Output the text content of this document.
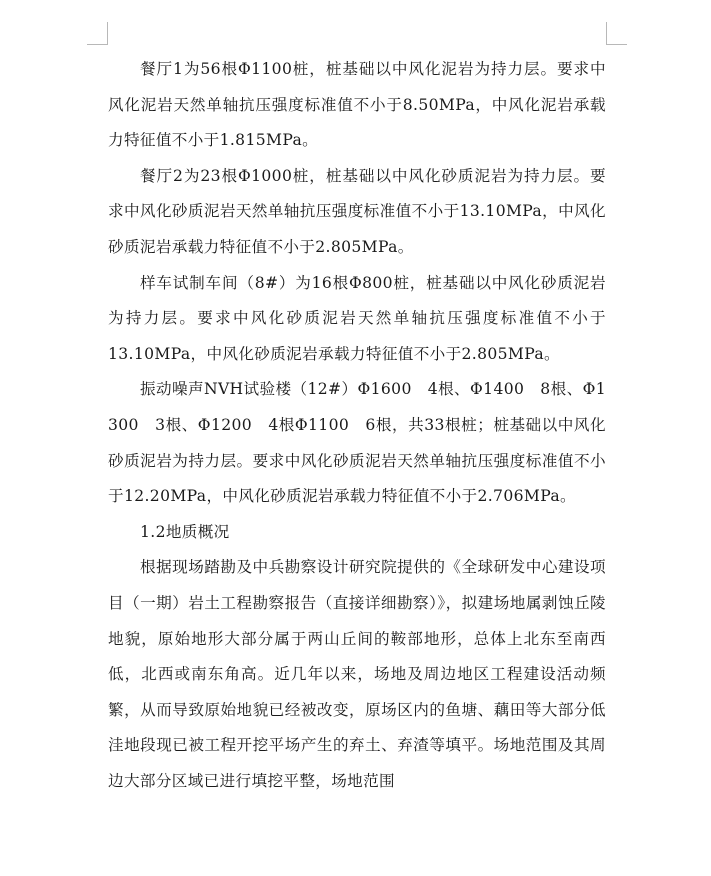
餐厅1为56根Φ1100桩，桩基础以中风化泥岩为持力层。要求中风化泥岩天然单轴抗压强度标准值不小于8.50MPa，中风化泥岩承载力特征值不小于1.815MPa。

餐厅2为23根Φ1000桩，桩基础以中风化砂质泥岩为持力层。要求中风化砂质泥岩天然单轴抗压强度标准值不小于13.10MPa，中风化砂质泥岩承载力特征值不小于2.805MPa。

样车试制车间（8#）为16根Φ800桩，桩基础以中风化砂质泥岩为持力层。要求中风化砂质泥岩天然单轴抗压强度标准值不小于13.10MPa，中风化砂质泥岩承载力特征值不小于2.805MPa。

振动噪声NVH试验楼（12#）Φ1600　4根、Φ1400　8根、Φ1300　3根、Φ1200　4根Φ1100　6根，共33根桩；桩基础以中风化砂质泥岩为持力层。要求中风化砂质泥岩天然单轴抗压强度标准值不小于12.20MPa，中风化砂质泥岩承载力特征值不小于2.706MPa。

1.2地质概况

根据现场踏勘及中兵勘察设计研究院提供的《全球研发中心建设项目（一期）岩土工程勘察报告（直接详细勘察）》，拟建场地属剥蚀丘陵地貌，原始地形大部分属于两山丘间的鞍部地形，总体上北东至南西低，北西或南东角高。近几年以来，场地及周边地区工程建设活动频繁，从而导致原始地貌已经被改变，原场区内的鱼塘、藕田等大部分低洼地段现已被工程开挖平场产生的弃土、弃渣等填平。场地范围及其周边大部分区域已进行填挖平整，场地范围
